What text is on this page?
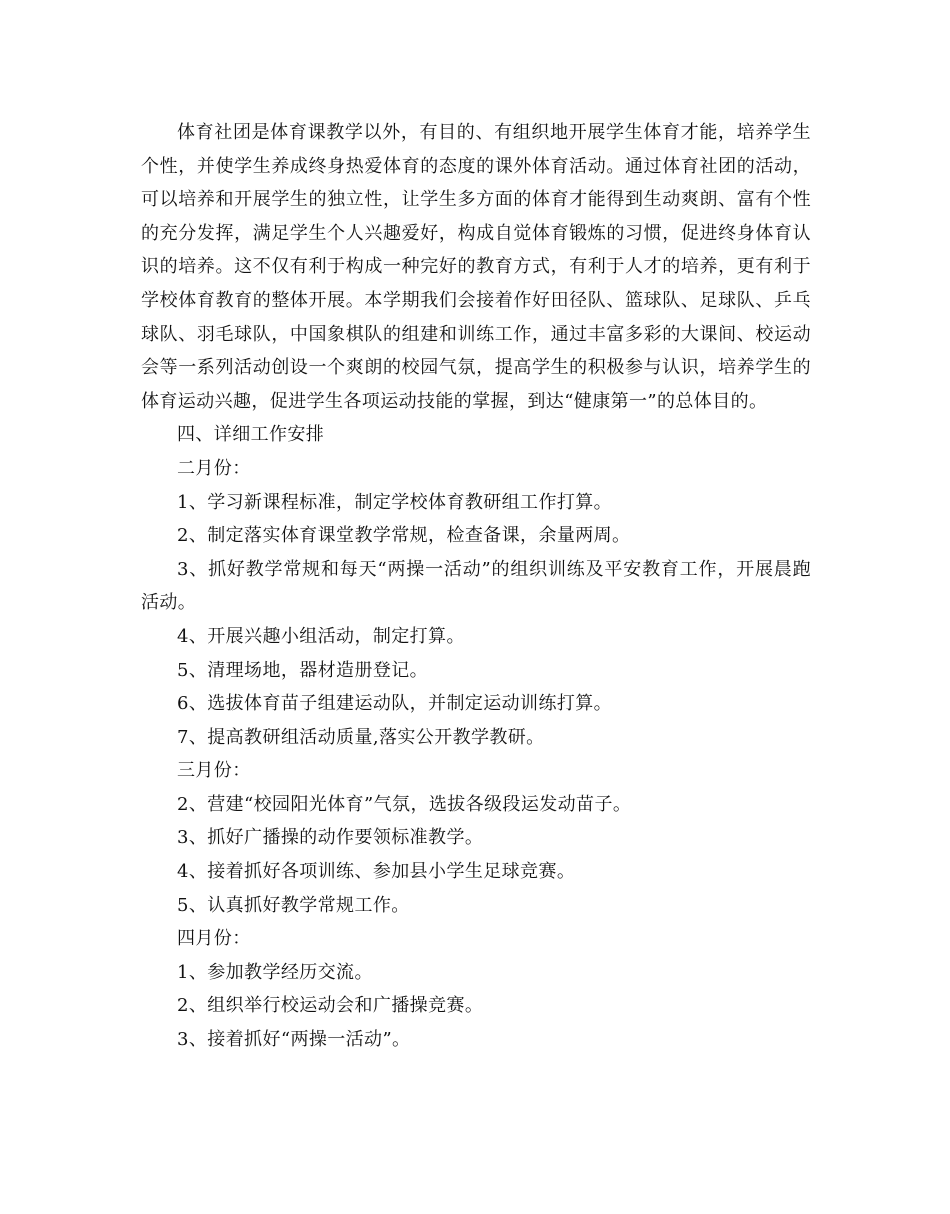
体育社团是体育课教学以外，有目的、有组织地开展学生体育才能，培养学生个性，并使学生养成终身热爱体育的态度的课外体育活动。通过体育社团的活动，可以培养和开展学生的独立性，让学生多方面的体育才能得到生动爽朗、富有个性的充分发挥，满足学生个人兴趣爱好，构成自觉体育锻炼的习惯，促进终身体育认识的培养。这不仅有利于构成一种完好的教育方式，有利于人才的培养，更有利于学校体育教育的整体开展。本学期我们会接着作好田径队、篮球队、足球队、乒乓球队、羽毛球队，中国象棋队的组建和训练工作，通过丰富多彩的大课间、校运动会等一系列活动创设一个爽朗的校园气氛，提高学生的积极参与认识，培养学生的体育运动兴趣，促进学生各项运动技能的掌握，到达“健康第一”的总体目的。

四、详细工作安排

二月份：

1、学习新课程标准，制定学校体育教研组工作打算。

2、制定落实体育课堂教学常规，检查备课，余量两周。

3、抓好教学常规和每天“两操一活动”的组织训练及平安教育工作，开展晨跑活动。

4、开展兴趣小组活动，制定打算。

5、清理场地，器材造册登记。

6、选拔体育苗子组建运动队，并制定运动训练打算。

7、提高教研组活动质量,落实公开教学教研。

三月份：

2、营建“校园阳光体育”气氛，选拔各级段运发动苗子。

3、抓好广播操的动作要领标准教学。

4、接着抓好各项训练、参加县小学生足球竞赛。

5、认真抓好教学常规工作。

四月份：

1、参加教学经历交流。

2、组织举行校运动会和广播操竞赛。

3、接着抓好“两操一活动”。
